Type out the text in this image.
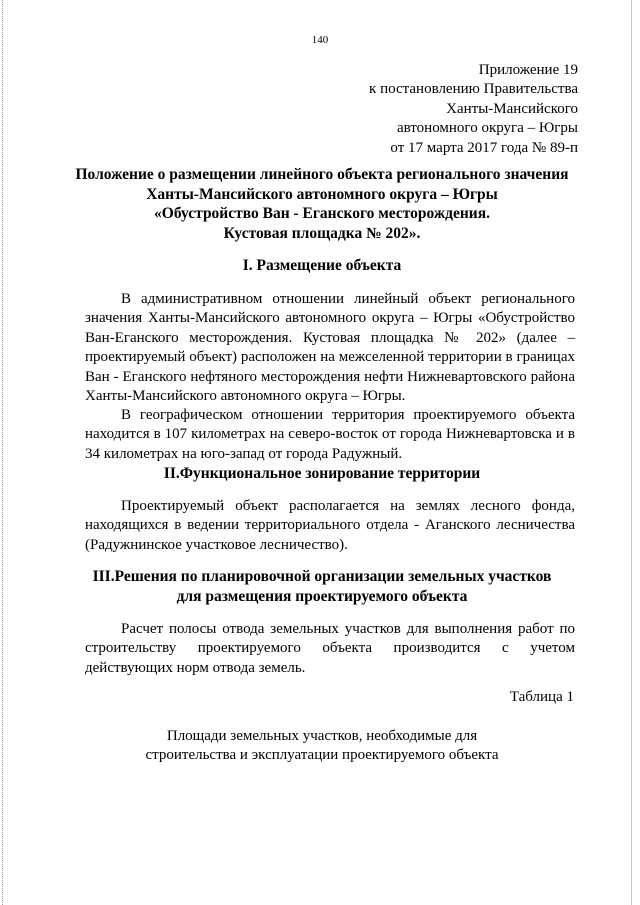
140
Приложение 19
к постановлению Правительства
Ханты-Мансийского
автономного округа – Югры
от 17 марта 2017 года № 89-п
Положение о размещении линейного объекта регионального значения
Ханты-Мансийского автономного округа – Югры
«Обустройство Ван - Еганского месторождения.
Кустовая площадка № 202».
I. Размещение объекта
В административном отношении линейный объект регионального
значения Ханты-Мансийского автономного округа – Югры «Обустройство
Ван-Еганского месторождения. Кустовая площадка № 202» (далее –
проектируемый объект) расположен на межселенной территории в границах
Ван - Еганского нефтяного месторождения нефти Нижневартовского района
Ханты-Мансийского автономного округа – Югры.
В географическом отношении территория проектируемого объекта
находится в 107 километрах на северо-восток от города Нижневартовска и в
34 километрах на юго-запад от города Радужный.
II.Функциональное зонирование территории
Проектируемый объект располагается на землях лесного фонда,
находящихся в ведении территориального отдела - Аганского лесничества
(Радужнинское участковое лесничество).
III.Решения по планировочной организации земельных участков
для размещения проектируемого объекта
Расчет полосы отвода земельных участков для выполнения работ по
строительству проектируемого объекта производится с учетом
действующих норм отвода земель.
Таблица 1
Площади земельных участков, необходимые для
строительства и эксплуатации проектируемого объекта
